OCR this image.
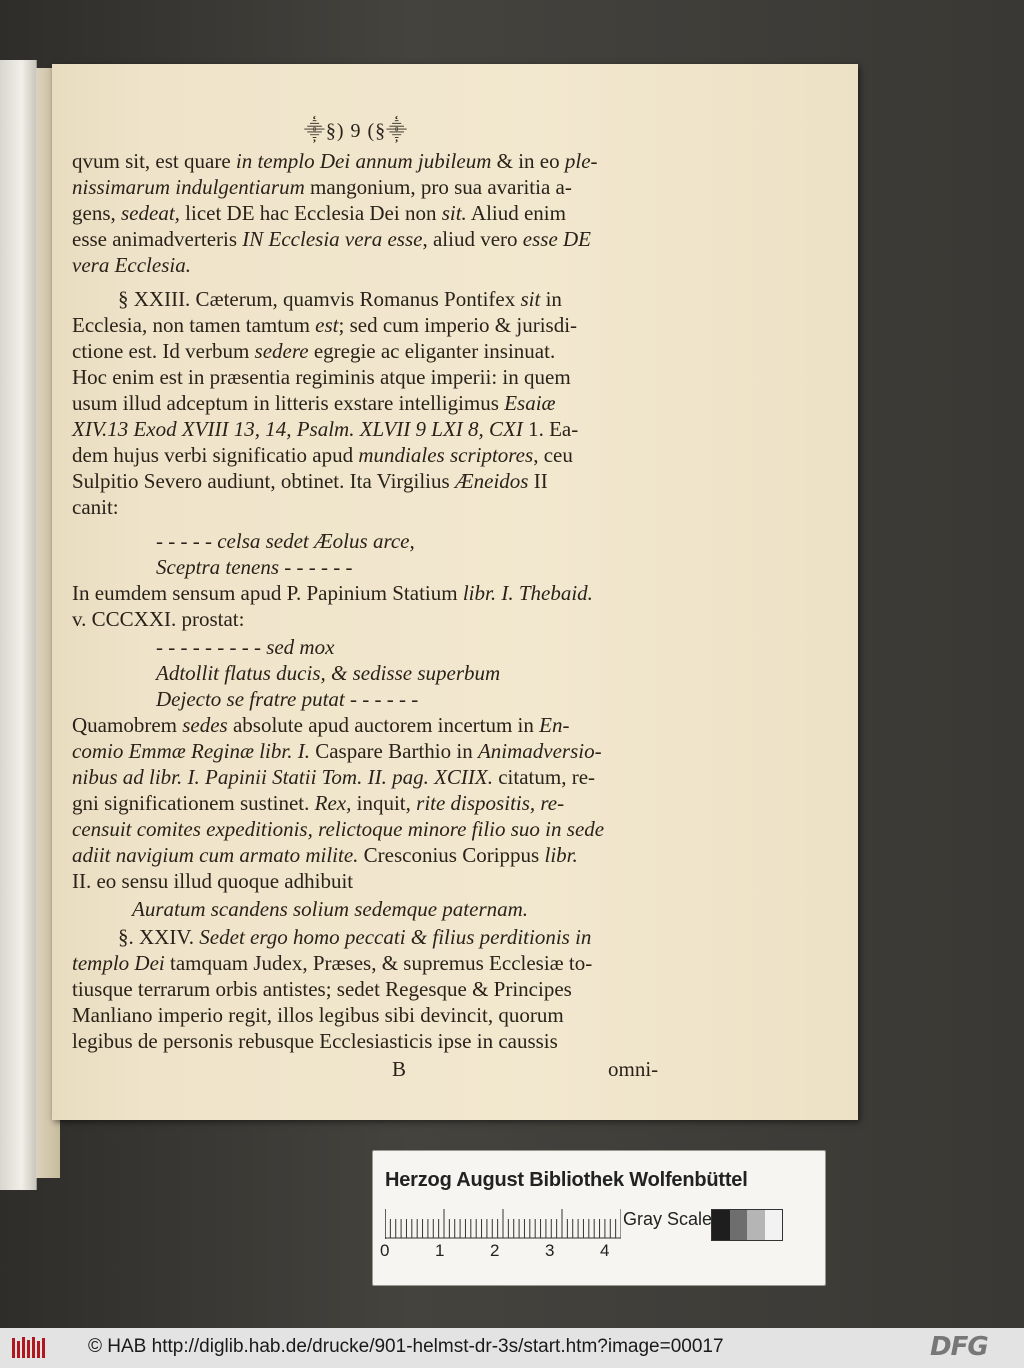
⸎§) 9 (§⸎
qvum sit, est quare in templo Dei annum jubileum & in eo ple-
nissimarum indulgentiarum mangonium, pro sua avaritia a-
gens, sedeat, licet DE hac Ecclesia Dei non sit. Aliud enim
esse animadverteris IN Ecclesia vera esse, aliud vero esse DE
vera Ecclesia.
§ XXIII. Cæterum, quamvis Romanus Pontifex sit in
Ecclesia, non tamen tamtum est; sed cum imperio & jurisdi-
ctione est. Id verbum sedere egregie ac eliganter insinuat.
Hoc enim est in præsentia regiminis atque imperii: in quem
usum illud adceptum in litteris exstare intelligimus Esaiæ
XIV.13 Exod XVIII 13, 14, Psalm. XLVII 9 LXI 8, CXI 1. Ea-
dem hujus verbi significatio apud mundiales scriptores, ceu
Sulpitio Severo audiunt, obtinet. Ita Virgilius Æneidos II
canit:
- - - - - celsa sedet Æolus arce,
Sceptra tenens - - - - - -
In eumdem sensum apud P. Papinium Statium libr. I. Thebaid.
v. CCCXXI. prostat:
- - - - - - - - - sed mox
Adtollit flatus ducis, & sedisse superbum
Dejecto se fratre putat - - - - - -
Quamobrem sedes absolute apud auctorem incertum in En-
comio Emmæ Reginæ libr. I. Caspare Barthio in Animadversio-
nibus ad libr. I. Papinii Statii Tom. II. pag. XCIIX. citatum, re-
gni significationem sustinet. Rex, inquit, rite dispositis, re-
censuit comites expeditionis, relictoque minore filio suo in sede
adiit navigium cum armato milite. Cresconius Corippus libr.
II. eo sensu illud quoque adhibuit
Auratum scandens solium sedemque paternam.
§. XXIV. Sedet ergo homo peccati & filius perditionis in
templo Dei tamquam Judex, Præses, & supremus Ecclesiæ to-
tiusque terrarum orbis antistes; sedet Regesque & Principes
Manliano imperio regit, illos legibus sibi devincit, quorum
legibus de personis rebusque Ecclesiasticis ipse in caussis
B	omni-
Herzog August Bibliothek Wolfenbüttel
0	1	2	3	4
Gray Scale
© HAB http://diglib.hab.de/drucke/901-helmst-dr-3s/start.htm?image=00017	DFG
